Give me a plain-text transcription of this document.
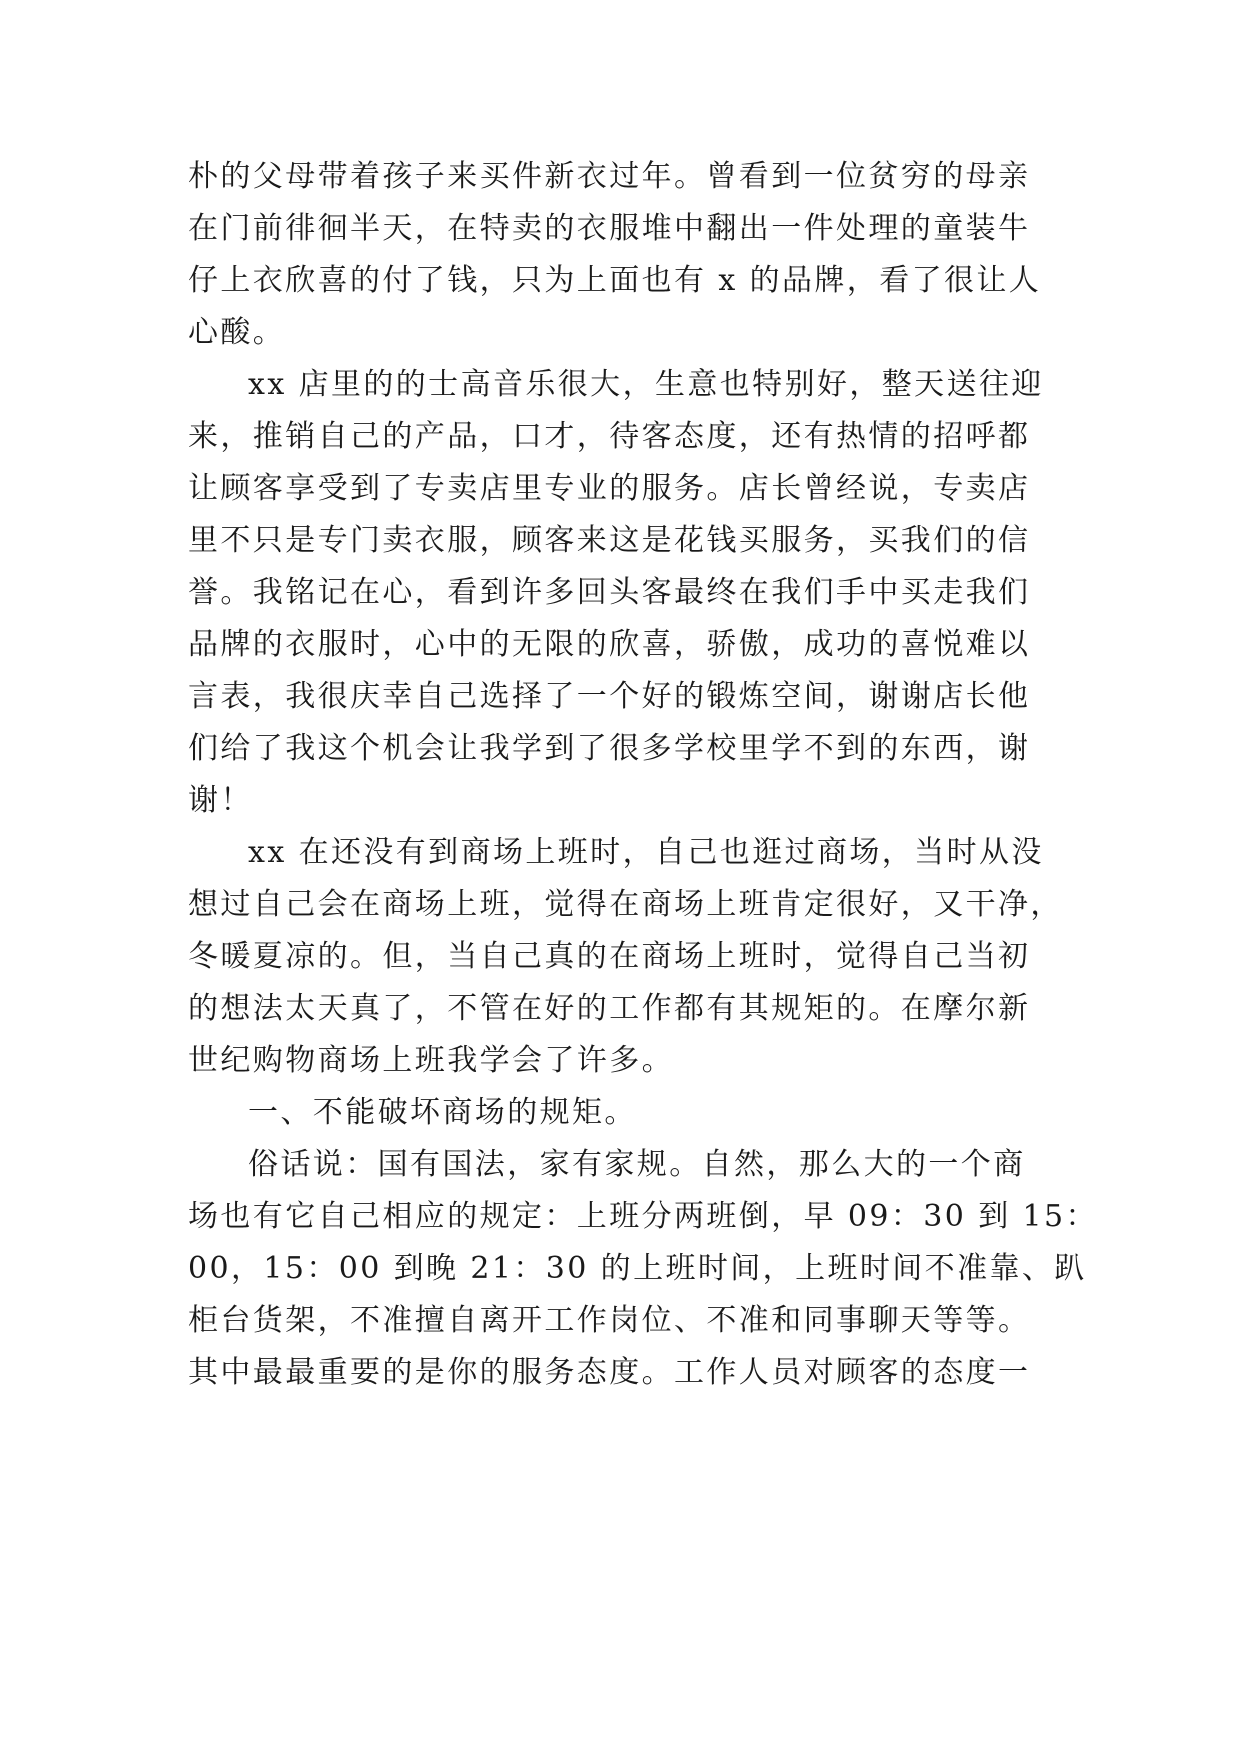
朴的父母带着孩子来买件新衣过年。曾看到一位贫穷的母亲
在门前徘徊半天，在特卖的衣服堆中翻出一件处理的童装牛
仔上衣欣喜的付了钱，只为上面也有 x 的品牌，看了很让人
心酸。
xx 店里的的士高音乐很大，生意也特别好，整天送往迎
来，推销自己的产品，口才，待客态度，还有热情的招呼都
让顾客享受到了专卖店里专业的服务。店长曾经说，专卖店
里不只是专门卖衣服，顾客来这是花钱买服务，买我们的信
誉。我铭记在心，看到许多回头客最终在我们手中买走我们
品牌的衣服时，心中的无限的欣喜，骄傲，成功的喜悦难以
言表，我很庆幸自己选择了一个好的锻炼空间，谢谢店长他
们给了我这个机会让我学到了很多学校里学不到的东西，谢
谢！
xx 在还没有到商场上班时，自己也逛过商场，当时从没
想过自己会在商场上班，觉得在商场上班肯定很好，又干净，
冬暖夏凉的。但，当自己真的在商场上班时，觉得自己当初
的想法太天真了，不管在好的工作都有其规矩的。在摩尔新
世纪购物商场上班我学会了许多。
一、不能破坏商场的规矩。
俗话说：国有国法，家有家规。自然，那么大的一个商
场也有它自己相应的规定：上班分两班倒，早 09：30 到 15：
00，15：00 到晚 21：30 的上班时间，上班时间不准靠、趴
柜台货架，不准擅自离开工作岗位、不准和同事聊天等等。
其中最最重要的是你的服务态度。工作人员对顾客的态度一
